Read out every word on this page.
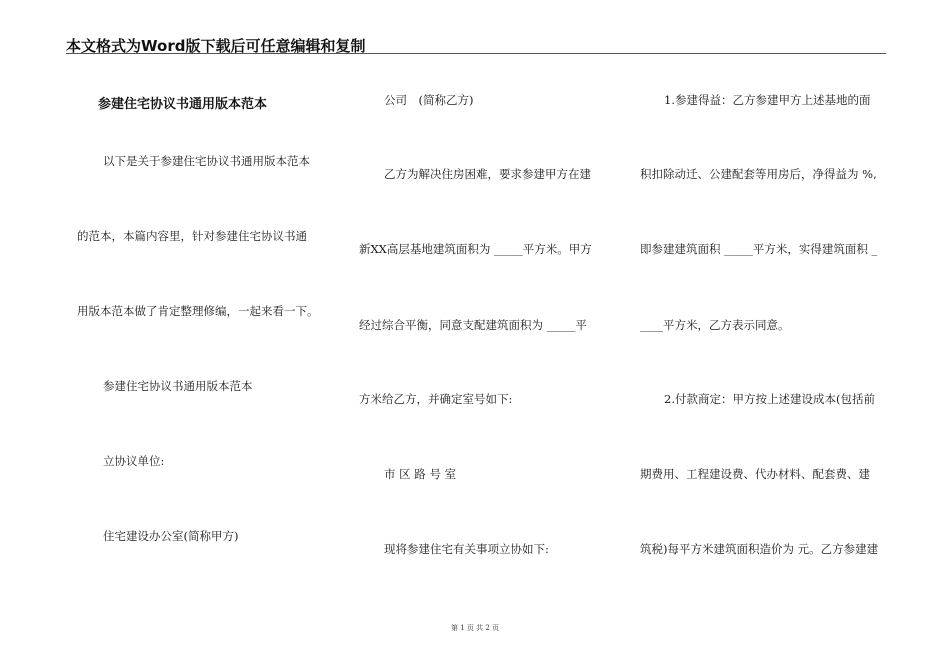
本文格式为Word版下载后可任意编辑和复制
参建住宅协议书通用版本范本
以下是关于参建住宅协议书通用版本范本
的范本，本篇内容里，针对参建住宅协议书通
用版本范本做了肯定整理修编，一起来看一下。
参建住宅协议书通用版本范本
立协议单位:
住宅建设办公室(简称甲方)
公司　(简称乙方)
乙方为解决住房困难，要求参建甲方在建
新XX高层基地建筑面积为 _____平方米。甲方
经过综合平衡，同意支配建筑面积为 _____平
方米给乙方，并确定室号如下:
市 区 路 号 室
现将参建住宅有关事项立协如下:
1.参建得益：乙方参建甲方上述基地的面
积扣除动迁、公建配套等用房后，净得益为 %,
即参建建筑面积 _____平方米，实得建筑面积 _
____平方米，乙方表示同意。
2.付款商定：甲方按上述建设成本(包括前
期费用、工程建设费、代办材料、配套费、建
筑税)每平方米建筑面积造价为 元。乙方参建建
第 1 页 共 2 页
